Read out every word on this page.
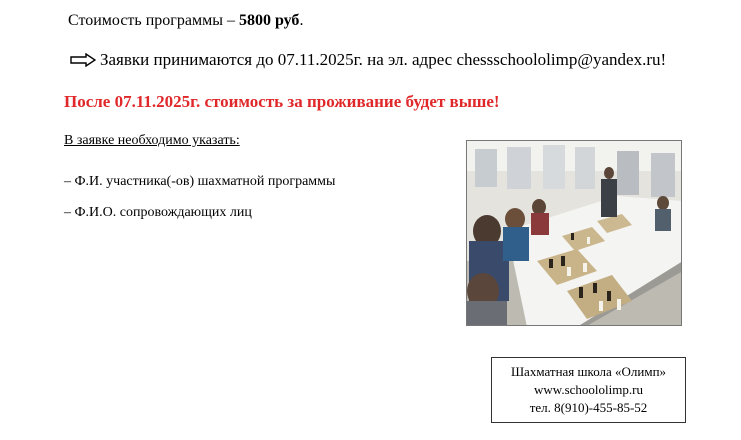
Стоимость программы – 5800 руб.
Заявки принимаются до 07.11.2025г. на эл. адрес chessschoololimp@yandex.ru!
После 07.11.2025г. стоимость за проживание будет выше!
В заявке необходимо указать:
– Ф.И. участника(-ов) шахматной программы
– Ф.И.О. сопровождающих лиц
Шахматная школа «Олимп»
www.schoololimp.ru
тел. 8(910)-455-85-52
